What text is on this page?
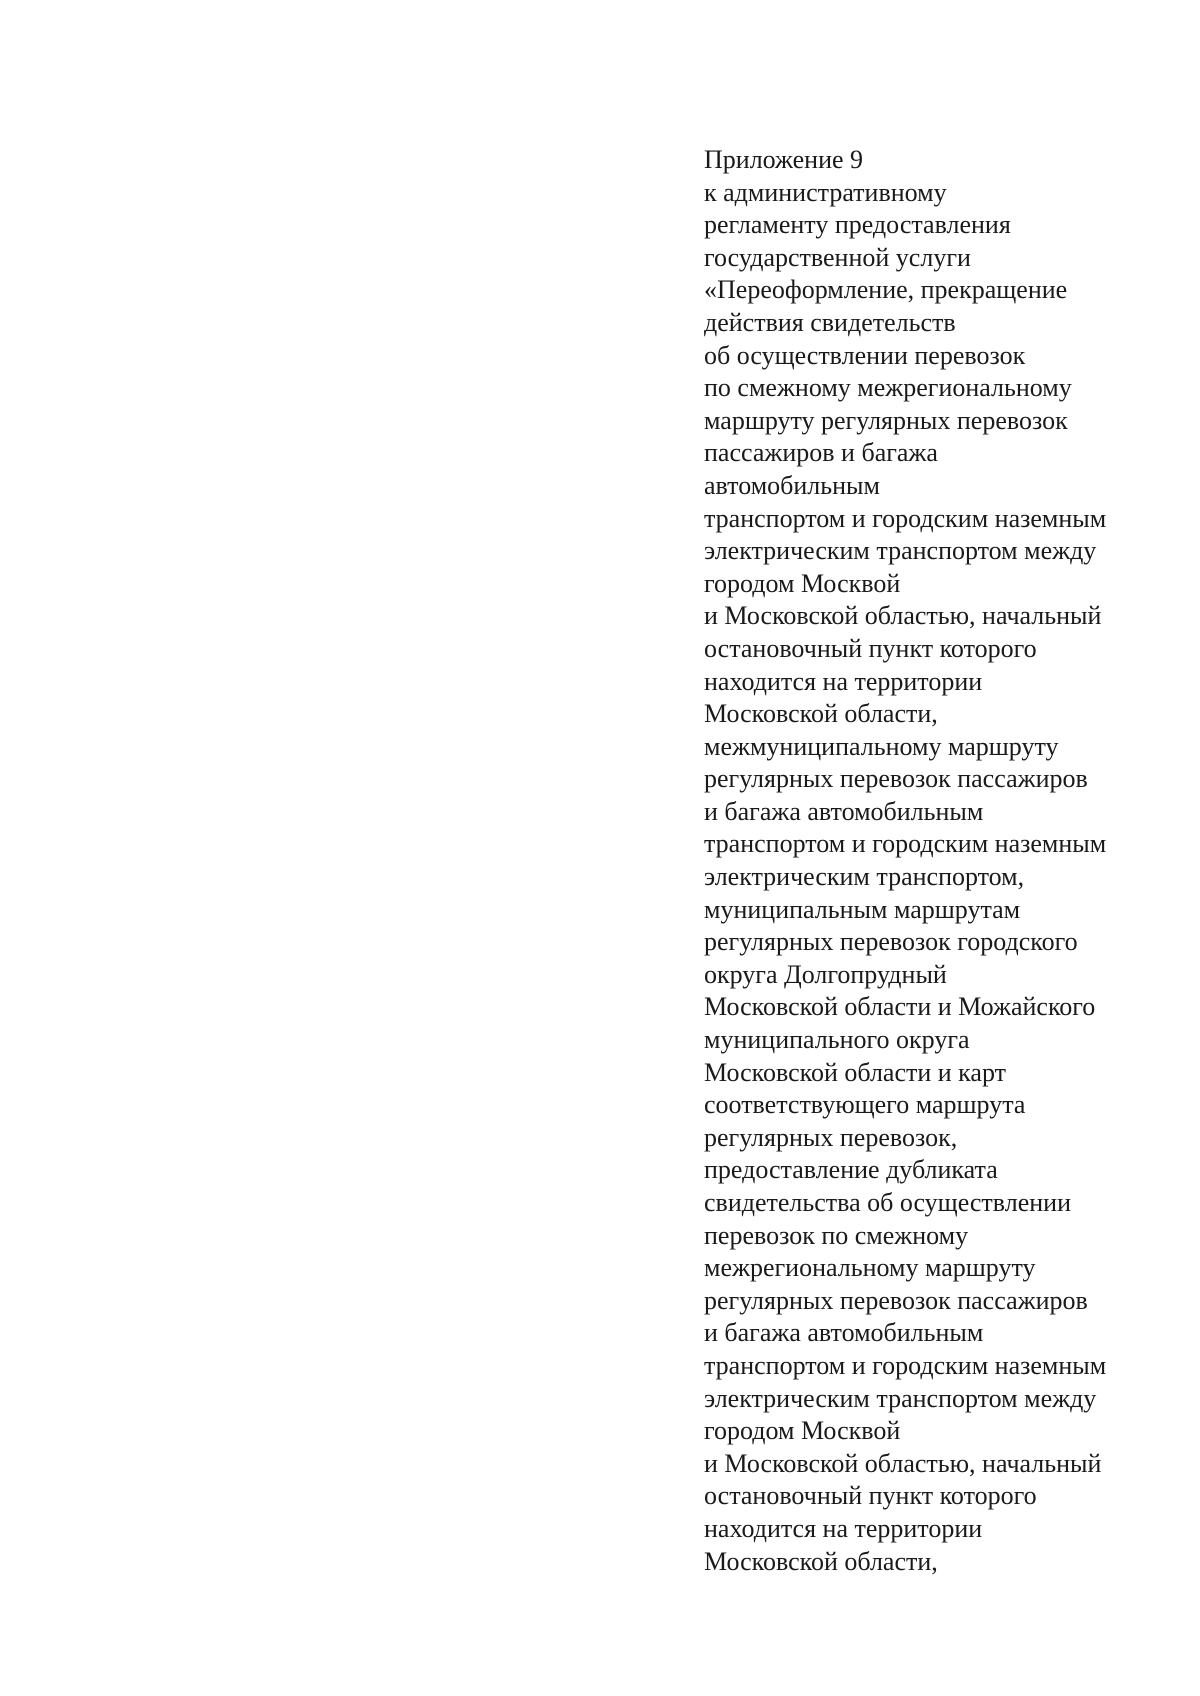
Приложение 9
к административному
регламенту предоставления
государственной услуги
«Переоформление, прекращение
действия свидетельств
об осуществлении перевозок
по смежному межрегиональному
маршруту регулярных перевозок
пассажиров и багажа
автомобильным
транспортом и городским наземным
электрическим транспортом между
городом Москвой
и Московской областью, начальный
остановочный пункт которого
находится на территории
Московской области,
межмуниципальному маршруту
регулярных перевозок пассажиров
и багажа автомобильным
транспортом и городским наземным
электрическим транспортом,
муниципальным маршрутам
регулярных перевозок городского
округа Долгопрудный
Московской области и Можайского
муниципального округа
Московской области и карт
соответствующего маршрута
регулярных перевозок,
предоставление дубликата
свидетельства об осуществлении
перевозок по смежному
межрегиональному маршруту
регулярных перевозок пассажиров
и багажа автомобильным
транспортом и городским наземным
электрическим транспортом между
городом Москвой
и Московской областью, начальный
остановочный пункт которого
находится на территории
Московской области,
